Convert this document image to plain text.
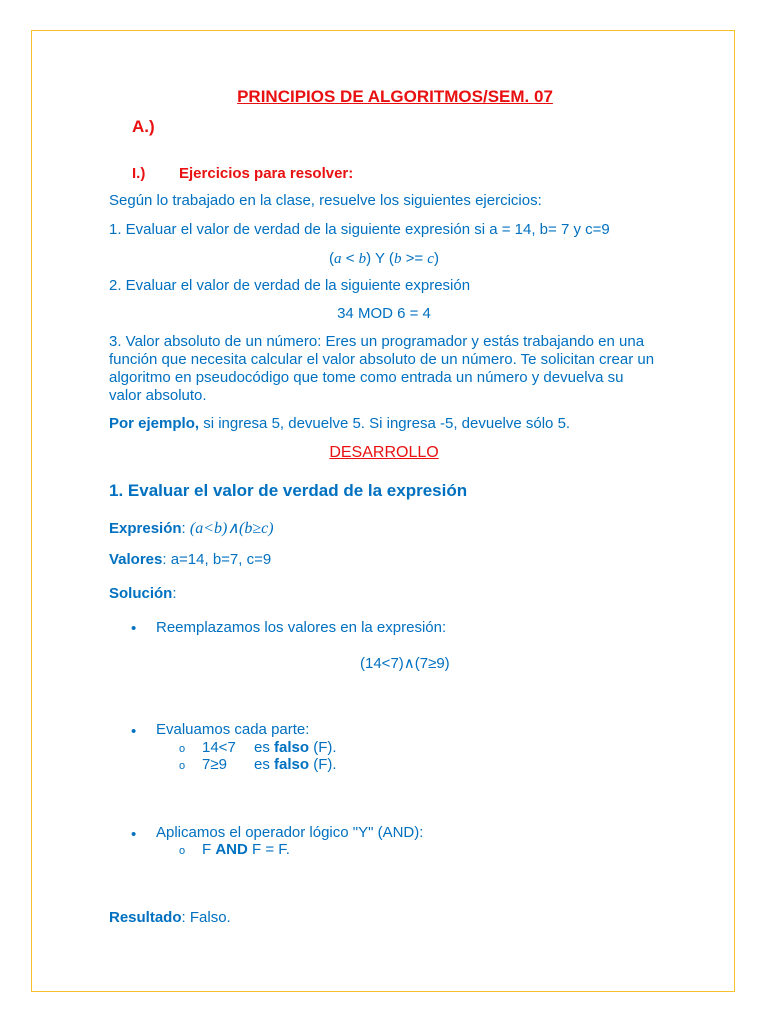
PRINCIPIOS DE ALGORITMOS/SEM. 07
A.)
I.) Ejercicios para resolver:
Según lo trabajado en la clase, resuelve los siguientes ejercicios:
1. Evaluar el valor de verdad de la siguiente expresión si a = 14, b= 7 y c=9
(a < b) Y (b >= c)
2. Evaluar el valor de verdad de la siguiente expresión
34 MOD 6 = 4
3. Valor absoluto de un número: Eres un programador y estás trabajando en una función que necesita calcular el valor absoluto de un número. Te solicitan crear un algoritmo en pseudocódigo que tome como entrada un número y devuelva su valor absoluto.
Por ejemplo, si ingresa 5, devuelve 5. Si ingresa -5, devuelve sólo 5.
DESARROLLO
1. Evaluar el valor de verdad de la expresión
Expresión: (a<b)∧(b≥c)
Valores: a=14, b=7, c=9
Solución:
• Reemplazamos los valores en la expresión:
(14<7)∧(7≥9)
• Evaluamos cada parte:
o 14<7 es falso (F).
o 7≥9 es falso (F).
• Aplicamos el operador lógico "Y" (AND):
o F AND F = F.
Resultado: Falso.
